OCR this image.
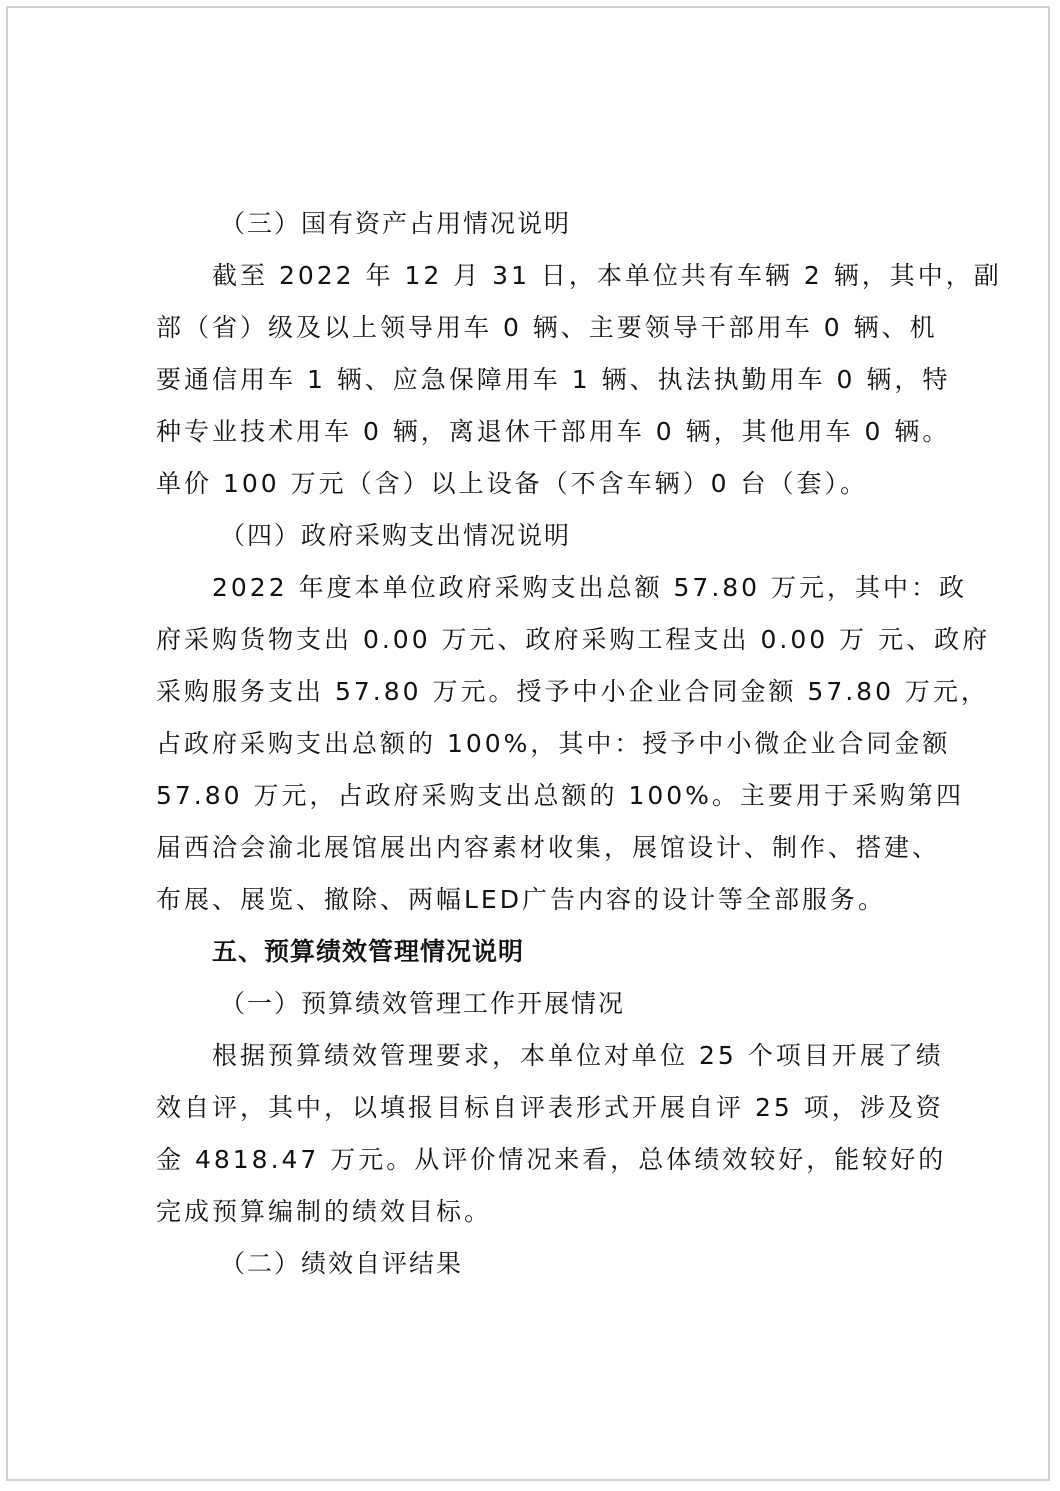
（三）国有资产占用情况说明
截至 2022 年 12 月 31 日，本单位共有车辆 2 辆，其中，副
部（省）级及以上领导用车 0 辆、主要领导干部用车 0 辆、机
要通信用车 1 辆、应急保障用车 1 辆、执法执勤用车 0 辆，特
种专业技术用车 0 辆，离退休干部用车 0 辆，其他用车 0 辆。
单价 100 万元（含）以上设备（不含车辆）0 台（套）。
（四）政府采购支出情况说明
2022 年度本单位政府采购支出总额 57.80 万元，其中：政
府采购货物支出 0.00 万元、政府采购工程支出 0.00 万 元、政府
采购服务支出 57.80 万元。授予中小企业合同金额 57.80 万元，
占政府采购支出总额的 100%，其中：授予中小微企业合同金额
57.80 万元，占政府采购支出总额的 100%。主要用于采购第四
届西洽会渝北展馆展出内容素材收集，展馆设计、制作、搭建、
布展、展览、撤除、两幅LED广告内容的设计等全部服务。
五、预算绩效管理情况说明
（一）预算绩效管理工作开展情况
根据预算绩效管理要求，本单位对单位 25 个项目开展了绩
效自评，其中，以填报目标自评表形式开展自评 25 项，涉及资
金 4818.47 万元。从评价情况来看，总体绩效较好，能较好的
完成预算编制的绩效目标。
（二）绩效自评结果
